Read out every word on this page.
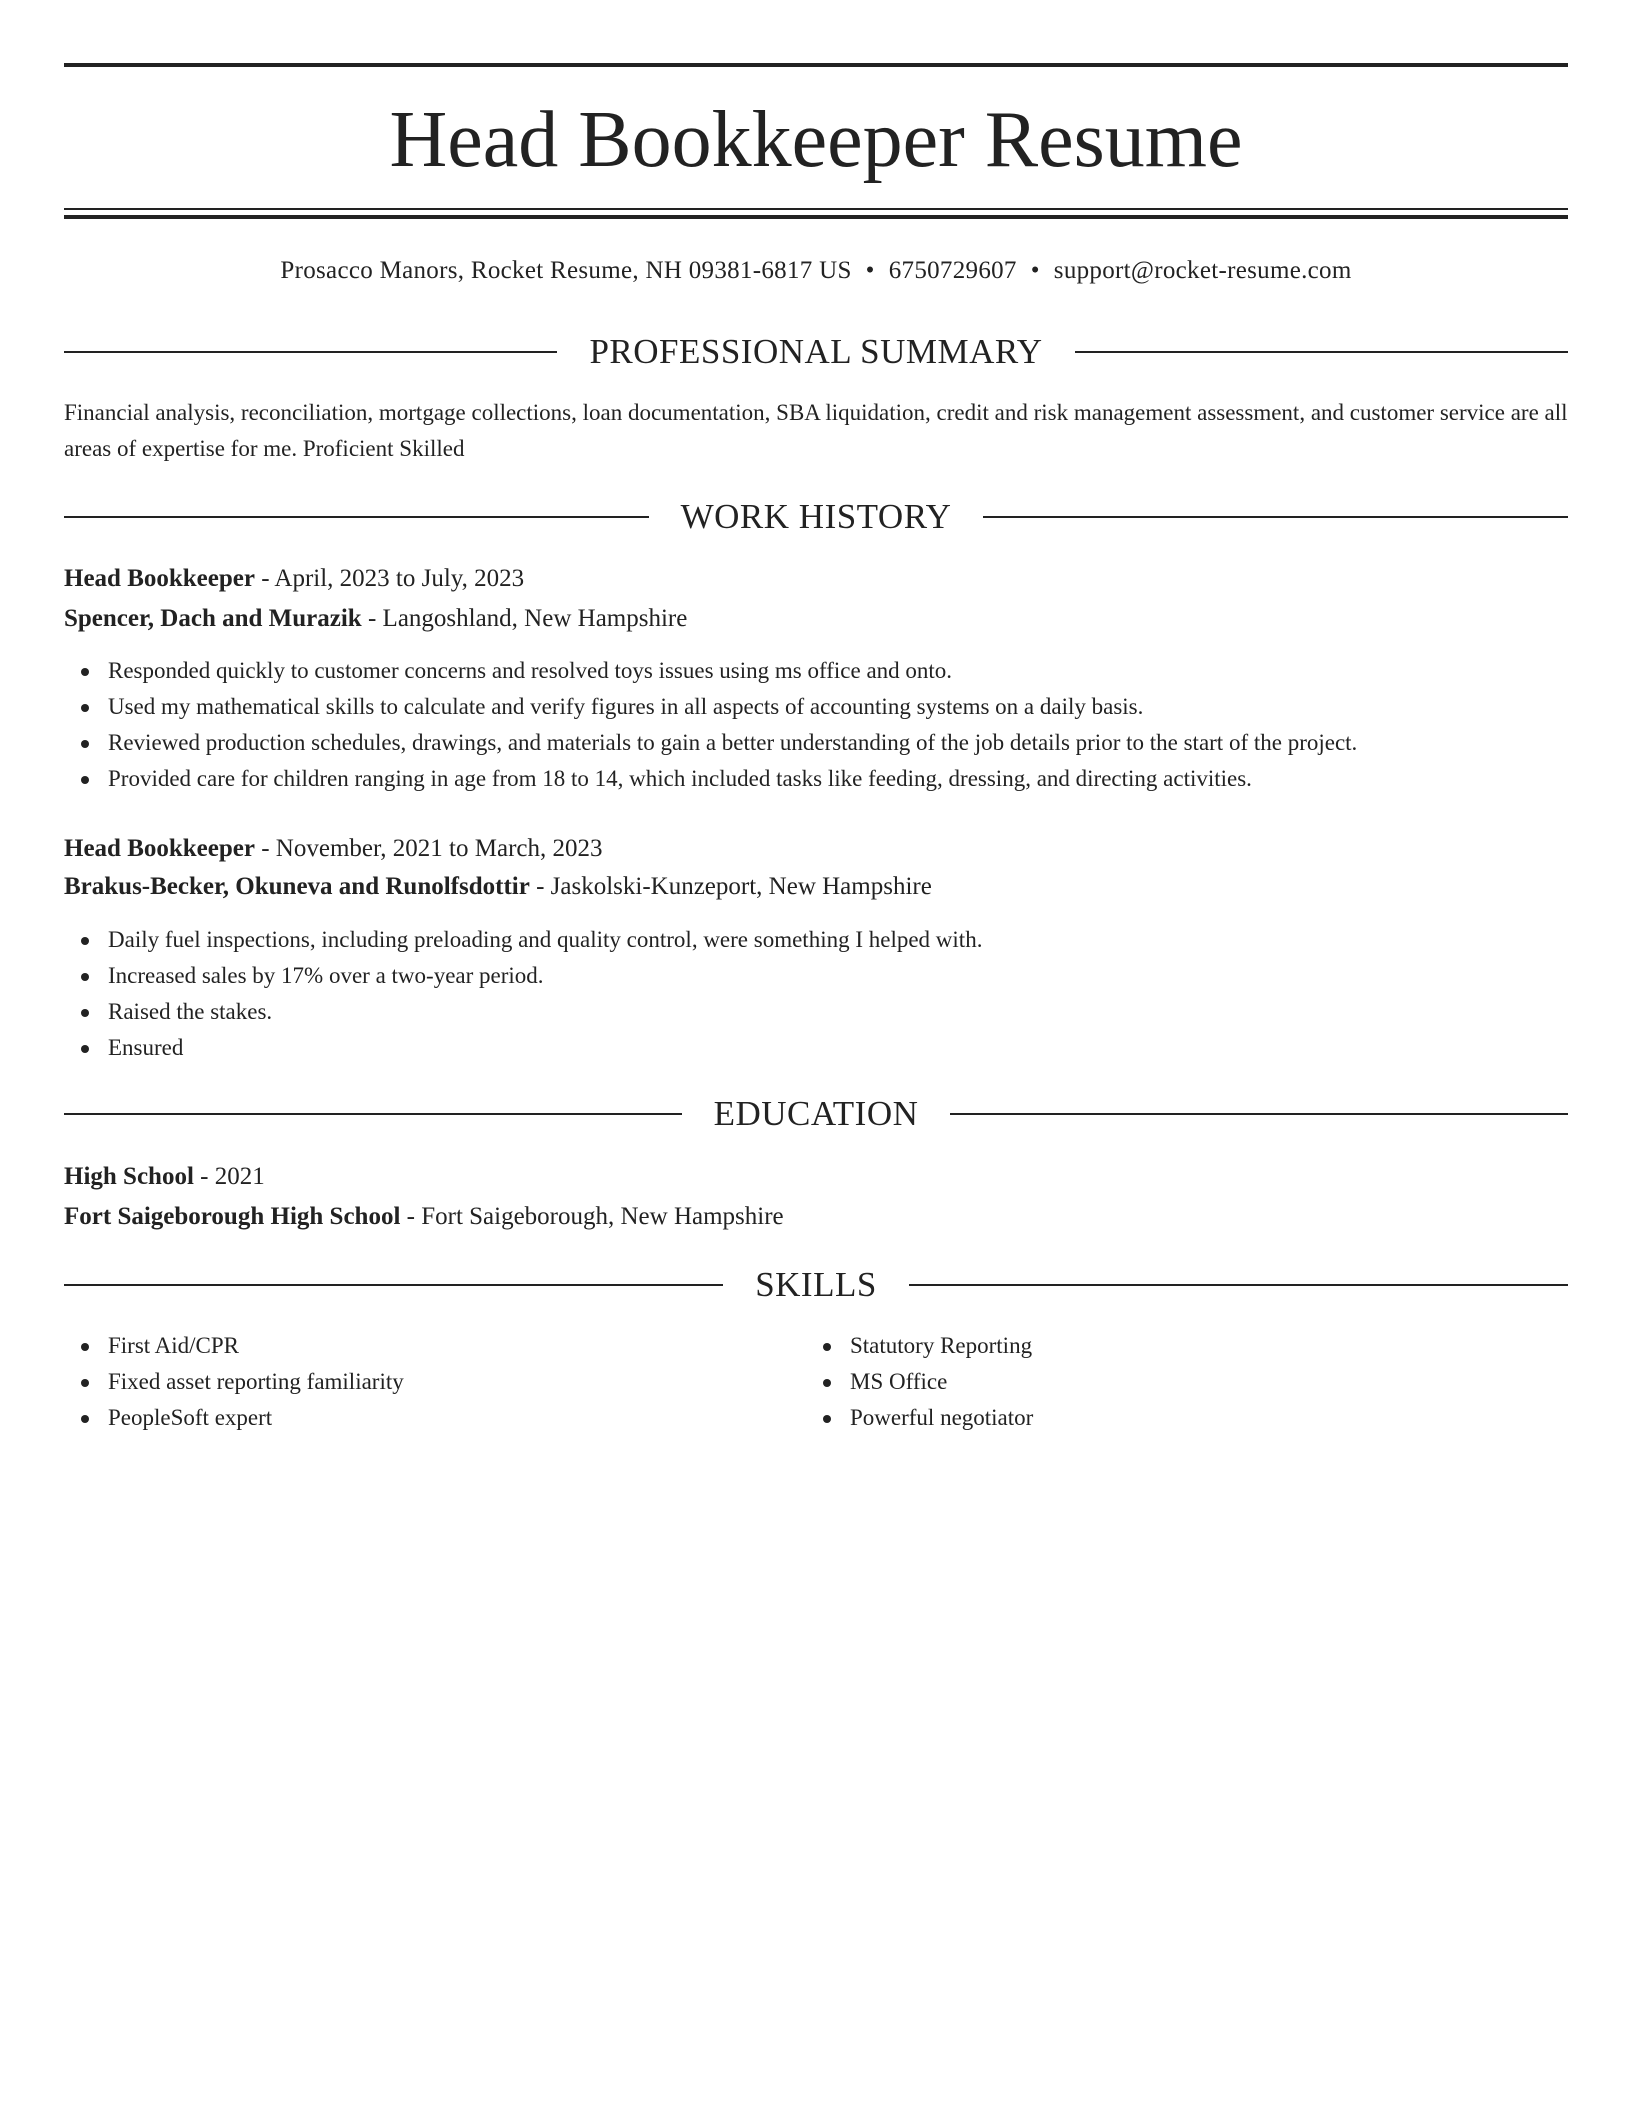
Head Bookkeeper Resume
Prosacco Manors, Rocket Resume, NH 09381-6817 US • 6750729607 • support@rocket-resume.com
PROFESSIONAL SUMMARY

Financial analysis, reconciliation, mortgage collections, loan documentation, SBA liquidation, credit and risk management assessment, and customer service are all areas of expertise for me. Proficient Skilled

WORK HISTORY
Head Bookkeeper - April, 2023 to July, 2023
Spencer, Dach and Murazik - Langoshland, New Hampshire
Responded quickly to customer concerns and resolved toys issues using ms office and onto.
Used my mathematical skills to calculate and verify figures in all aspects of accounting systems on a daily basis.
Reviewed production schedules, drawings, and materials to gain a better understanding of the job details prior to the start of the project.
Provided care for children ranging in age from 18 to 14, which included tasks like feeding, dressing, and directing activities.
Head Bookkeeper - November, 2021 to March, 2023
Brakus-Becker, Okuneva and Runolfsdottir - Jaskolski-Kunzeport, New Hampshire
Daily fuel inspections, including preloading and quality control, were something I helped with.
Increased sales by 17% over a two-year period.
Raised the stakes.
Ensured
EDUCATION
High School - 2021
Fort Saigeborough High School - Fort Saigeborough, New Hampshire
SKILLS
First Aid/CPR
Fixed asset reporting familiarity
PeopleSoft expert
Statutory Reporting
MS Office
Powerful negotiator
